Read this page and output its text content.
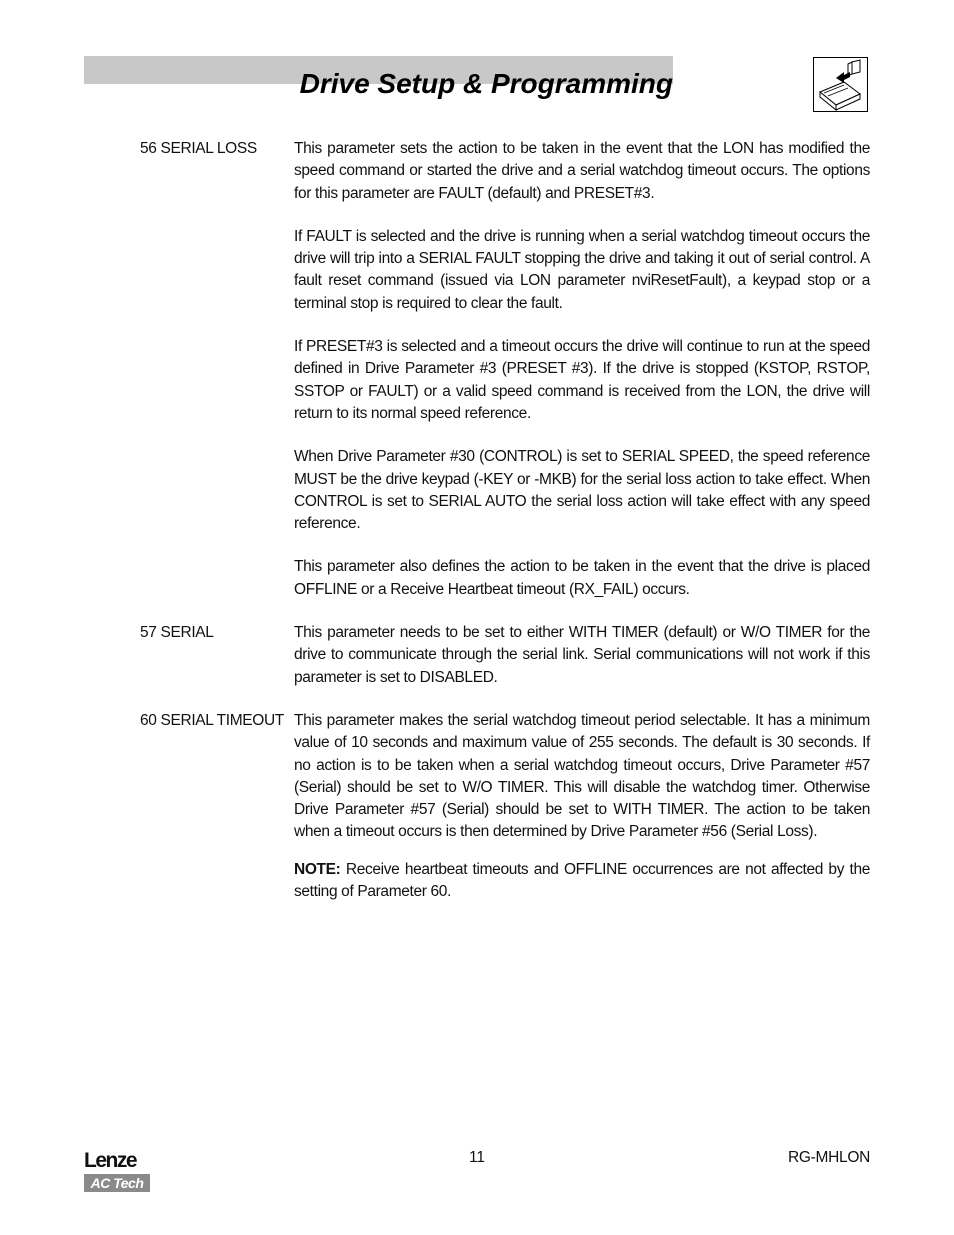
Drive Setup & Programming
56 SERIAL LOSS	This parameter sets the action to be taken in the event that the LON has modified the speed command or started the drive and a serial watchdog timeout occurs. The options for this parameter are FAULT (default) and PRESET#3.

If FAULT is selected and the drive is running when a serial watchdog timeout occurs the drive will trip into a SERIAL FAULT stopping the drive and taking it out of serial control. A fault reset command (issued via LON parameter nviResetFault), a keypad stop or a terminal stop is required to clear the fault.

If PRESET#3 is selected and a timeout occurs the drive will continue to run at the speed defined in Drive Parameter #3 (PRESET #3). If the drive is stopped (KSTOP, RSTOP, SSTOP or FAULT) or a valid speed command is received from the LON, the drive will return to its normal speed reference.

When Drive Parameter #30 (CONTROL) is set to SERIAL SPEED, the speed reference MUST be the drive keypad (-KEY or -MKB) for the serial loss action to take effect. When CONTROL is set to SERIAL AUTO the serial loss action will take effect with any speed reference.

This parameter also defines the action to be taken in the event that the drive is placed OFFLINE or a Receive Heartbeat timeout (RX_FAIL) occurs.

57 SERIAL	This parameter needs to be set to either WITH TIMER (default) or W/O TIMER for the drive to communicate through the serial link. Serial communications will not work if this parameter is set to DISABLED.

60 SERIAL TIMEOUT This parameter makes the serial watchdog timeout period selectable. It has a minimum value of 10 seconds and maximum value of 255 seconds. The default is 30 seconds. If no action is to be taken when a serial watchdog timeout occurs, Drive Parameter #57 (Serial) should be set to W/O TIMER. This will disable the watchdog timer. Otherwise Drive Parameter #57 (Serial) should be set to WITH TIMER. The action to be taken when a timeout occurs is then determined by Drive Parameter #56 (Serial Loss).

NOTE: Receive heartbeat timeouts and OFFLINE occurrences are not affected by the setting of Parameter 60.

Lenze
AC Tech
11	RG-MHLON
